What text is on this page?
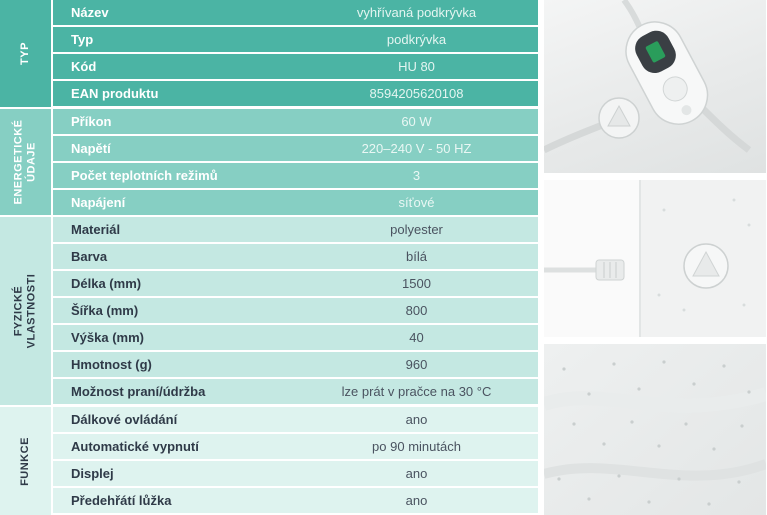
TYP
Název	vyhřívaná podkrývka
Typ	podkrývka
Kód	HU 80
EAN produktu	8594205620108
ENERGETICKÉ ÚDAJE
Příkon	60 W
Napětí	220–240 V - 50 HZ
Počet teplotních režimů	3
Napájení	síťové
FYZICKÉ VLASTNOSTI
Materiál	polyester
Barva	bílá
Délka (mm)	1500
Šířka (mm)	800
Výška (mm)	40
Hmotnost (g)	960
Možnost praní/údržba	lze prát v pračce na 30 °C
FUNKCE
Dálkové ovládání	ano
Automatické vypnutí	po 90 minutách
Displej	ano
Předehřátí lůžka	ano
